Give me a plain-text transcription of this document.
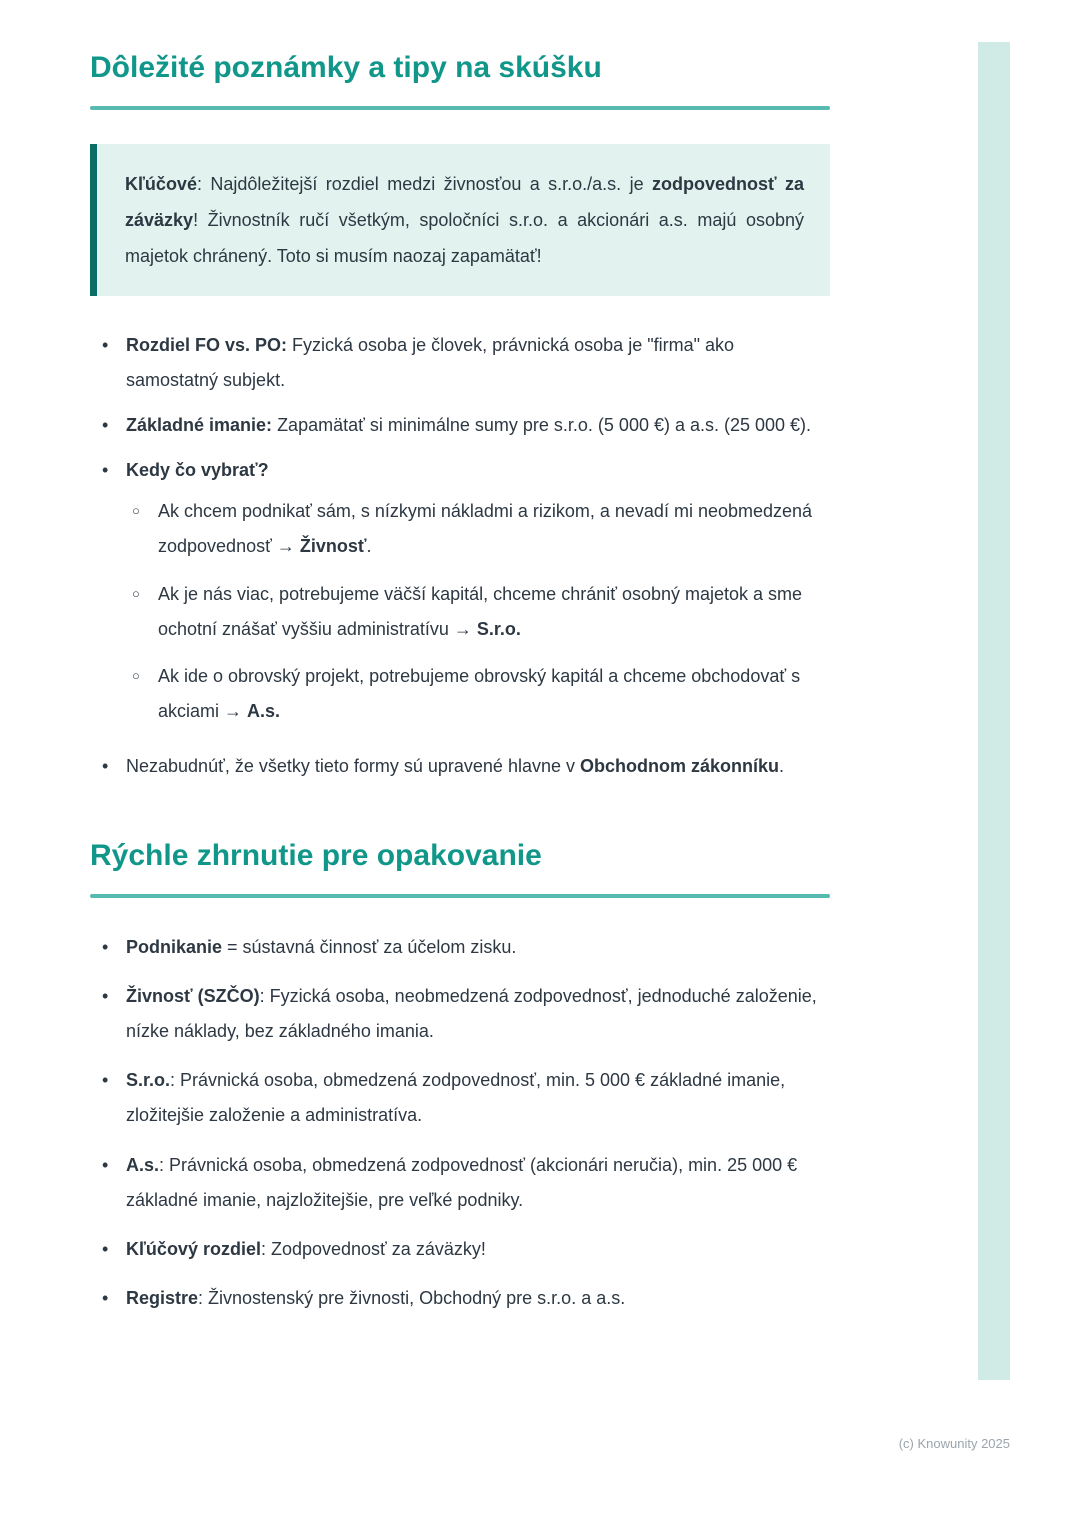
Dôležité poznámky a tipy na skúšku

Kľúčové: Najdôležitejší rozdiel medzi živnosťou a s.r.o./a.s. je zodpovednosť za záväzky! Živnostník ručí všetkým, spoločníci s.r.o. a akcionári a.s. majú osobný majetok chránený. Toto si musím naozaj zapamätať!

• Rozdiel FO vs. PO: Fyzická osoba je človek, právnická osoba je "firma" ako samostatný subjekt.
• Základné imanie: Zapamätať si minimálne sumy pre s.r.o. (5 000 €) a a.s. (25 000 €).
• Kedy čo vybrať?
○ Ak chcem podnikať sám, s nízkymi nákladmi a rizikom, a nevadí mi neobmedzená zodpovednosť → Živnosť.
○ Ak je nás viac, potrebujeme väčší kapitál, chceme chrániť osobný majetok a sme ochotní znášať vyššiu administratívu → S.r.o.
○ Ak ide o obrovský projekt, potrebujeme obrovský kapitál a chceme obchodovať s akciami → A.s.
• Nezabudnúť, že všetky tieto formy sú upravené hlavne v Obchodnom zákonníku.
Rýchle zhrnutie pre opakovanie
• Podnikanie = sústavná činnosť za účelom zisku.
• Živnosť (SZČO): Fyzická osoba, neobmedzená zodpovednosť, jednoduché založenie, nízke náklady, bez základného imania.
• S.r.o.: Právnická osoba, obmedzená zodpovednosť, min. 5 000 € základné imanie, zložitejšie založenie a administratíva.
• A.s.: Právnická osoba, obmedzená zodpovednosť (akcionári neručia), min. 25 000 € základné imanie, najzložitejšie, pre veľké podniky.
• Kľúčový rozdiel: Zodpovednosť za záväzky!
• Registre: Živnostenský pre živnosti, Obchodný pre s.r.o. a a.s.
(c) Knowunity 2025
